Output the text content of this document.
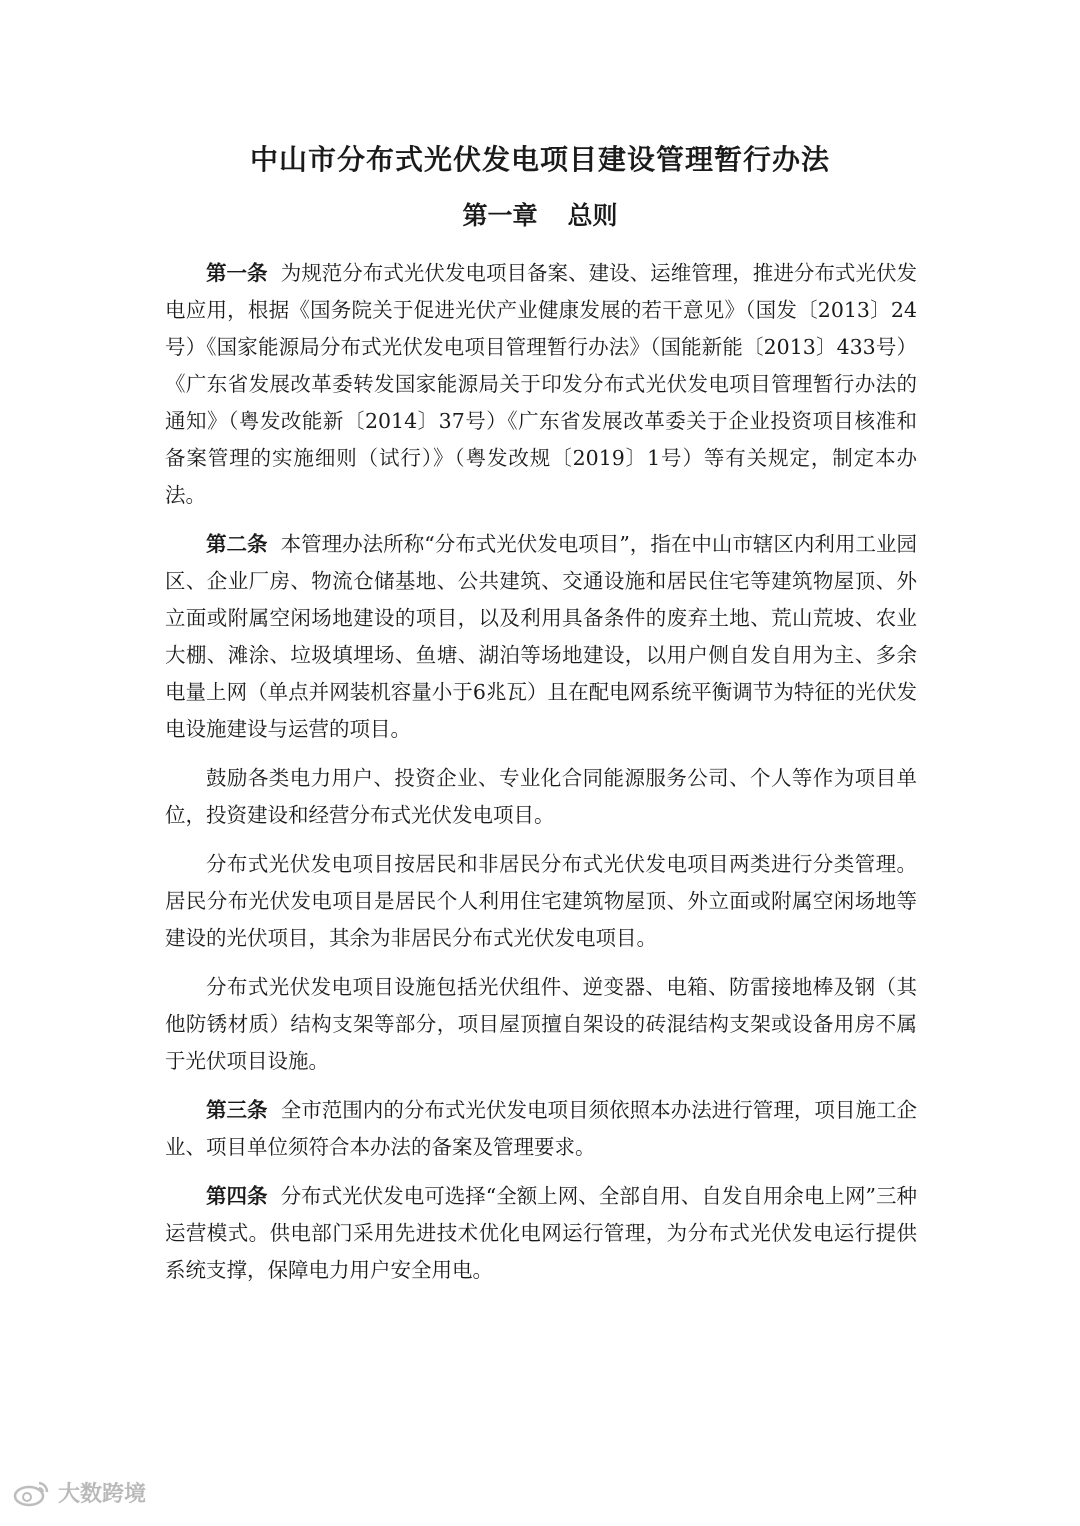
中山市分布式光伏发电项目建设管理暂行办法
第一章 总则

第一条 为规范分布式光伏发电项目备案、建设、运维管理，推进分布式光伏发电应用，根据《国务院关于促进光伏产业健康发展的若干意见》（国发〔2013〕24号）《国家能源局分布式光伏发电项目管理暂行办法》（国能新能〔2013〕433号）《广东省发展改革委转发国家能源局关于印发分布式光伏发电项目管理暂行办法的通知》（粤发改能新〔2014〕37号）《广东省发展改革委关于企业投资项目核准和备案管理的实施细则（试行）》（粤发改规〔2019〕1号）等有关规定，制定本办法。

第二条 本管理办法所称“分布式光伏发电项目”，指在中山市辖区内利用工业园区、企业厂房、物流仓储基地、公共建筑、交通设施和居民住宅等建筑物屋顶、外立面或附属空闲场地建设的项目，以及利用具备条件的废弃土地、荒山荒坡、农业大棚、滩涂、垃圾填埋场、鱼塘、湖泊等场地建设，以用户侧自发自用为主、多余电量上网（单点并网装机容量小于6兆瓦）且在配电网系统平衡调节为特征的光伏发电设施建设与运营的项目。

鼓励各类电力用户、投资企业、专业化合同能源服务公司、个人等作为项目单位，投资建设和经营分布式光伏发电项目。

分布式光伏发电项目按居民和非居民分布式光伏发电项目两类进行分类管理。居民分布光伏发电项目是居民个人利用住宅建筑物屋顶、外立面或附属空闲场地等建设的光伏项目，其余为非居民分布式光伏发电项目。

分布式光伏发电项目设施包括光伏组件、逆变器、电箱、防雷接地棒及钢（其他防锈材质）结构支架等部分，项目屋顶擅自架设的砖混结构支架或设备用房不属于光伏项目设施。

第三条 全市范围内的分布式光伏发电项目须依照本办法进行管理，项目施工企业、项目单位须符合本办法的备案及管理要求。

第四条 分布式光伏发电可选择“全额上网、全部自用、自发自用余电上网”三种运营模式。供电部门采用先进技术优化电网运行管理，为分布式光伏发电运行提供系统支撑，保障电力用户安全用电。

大数跨境
